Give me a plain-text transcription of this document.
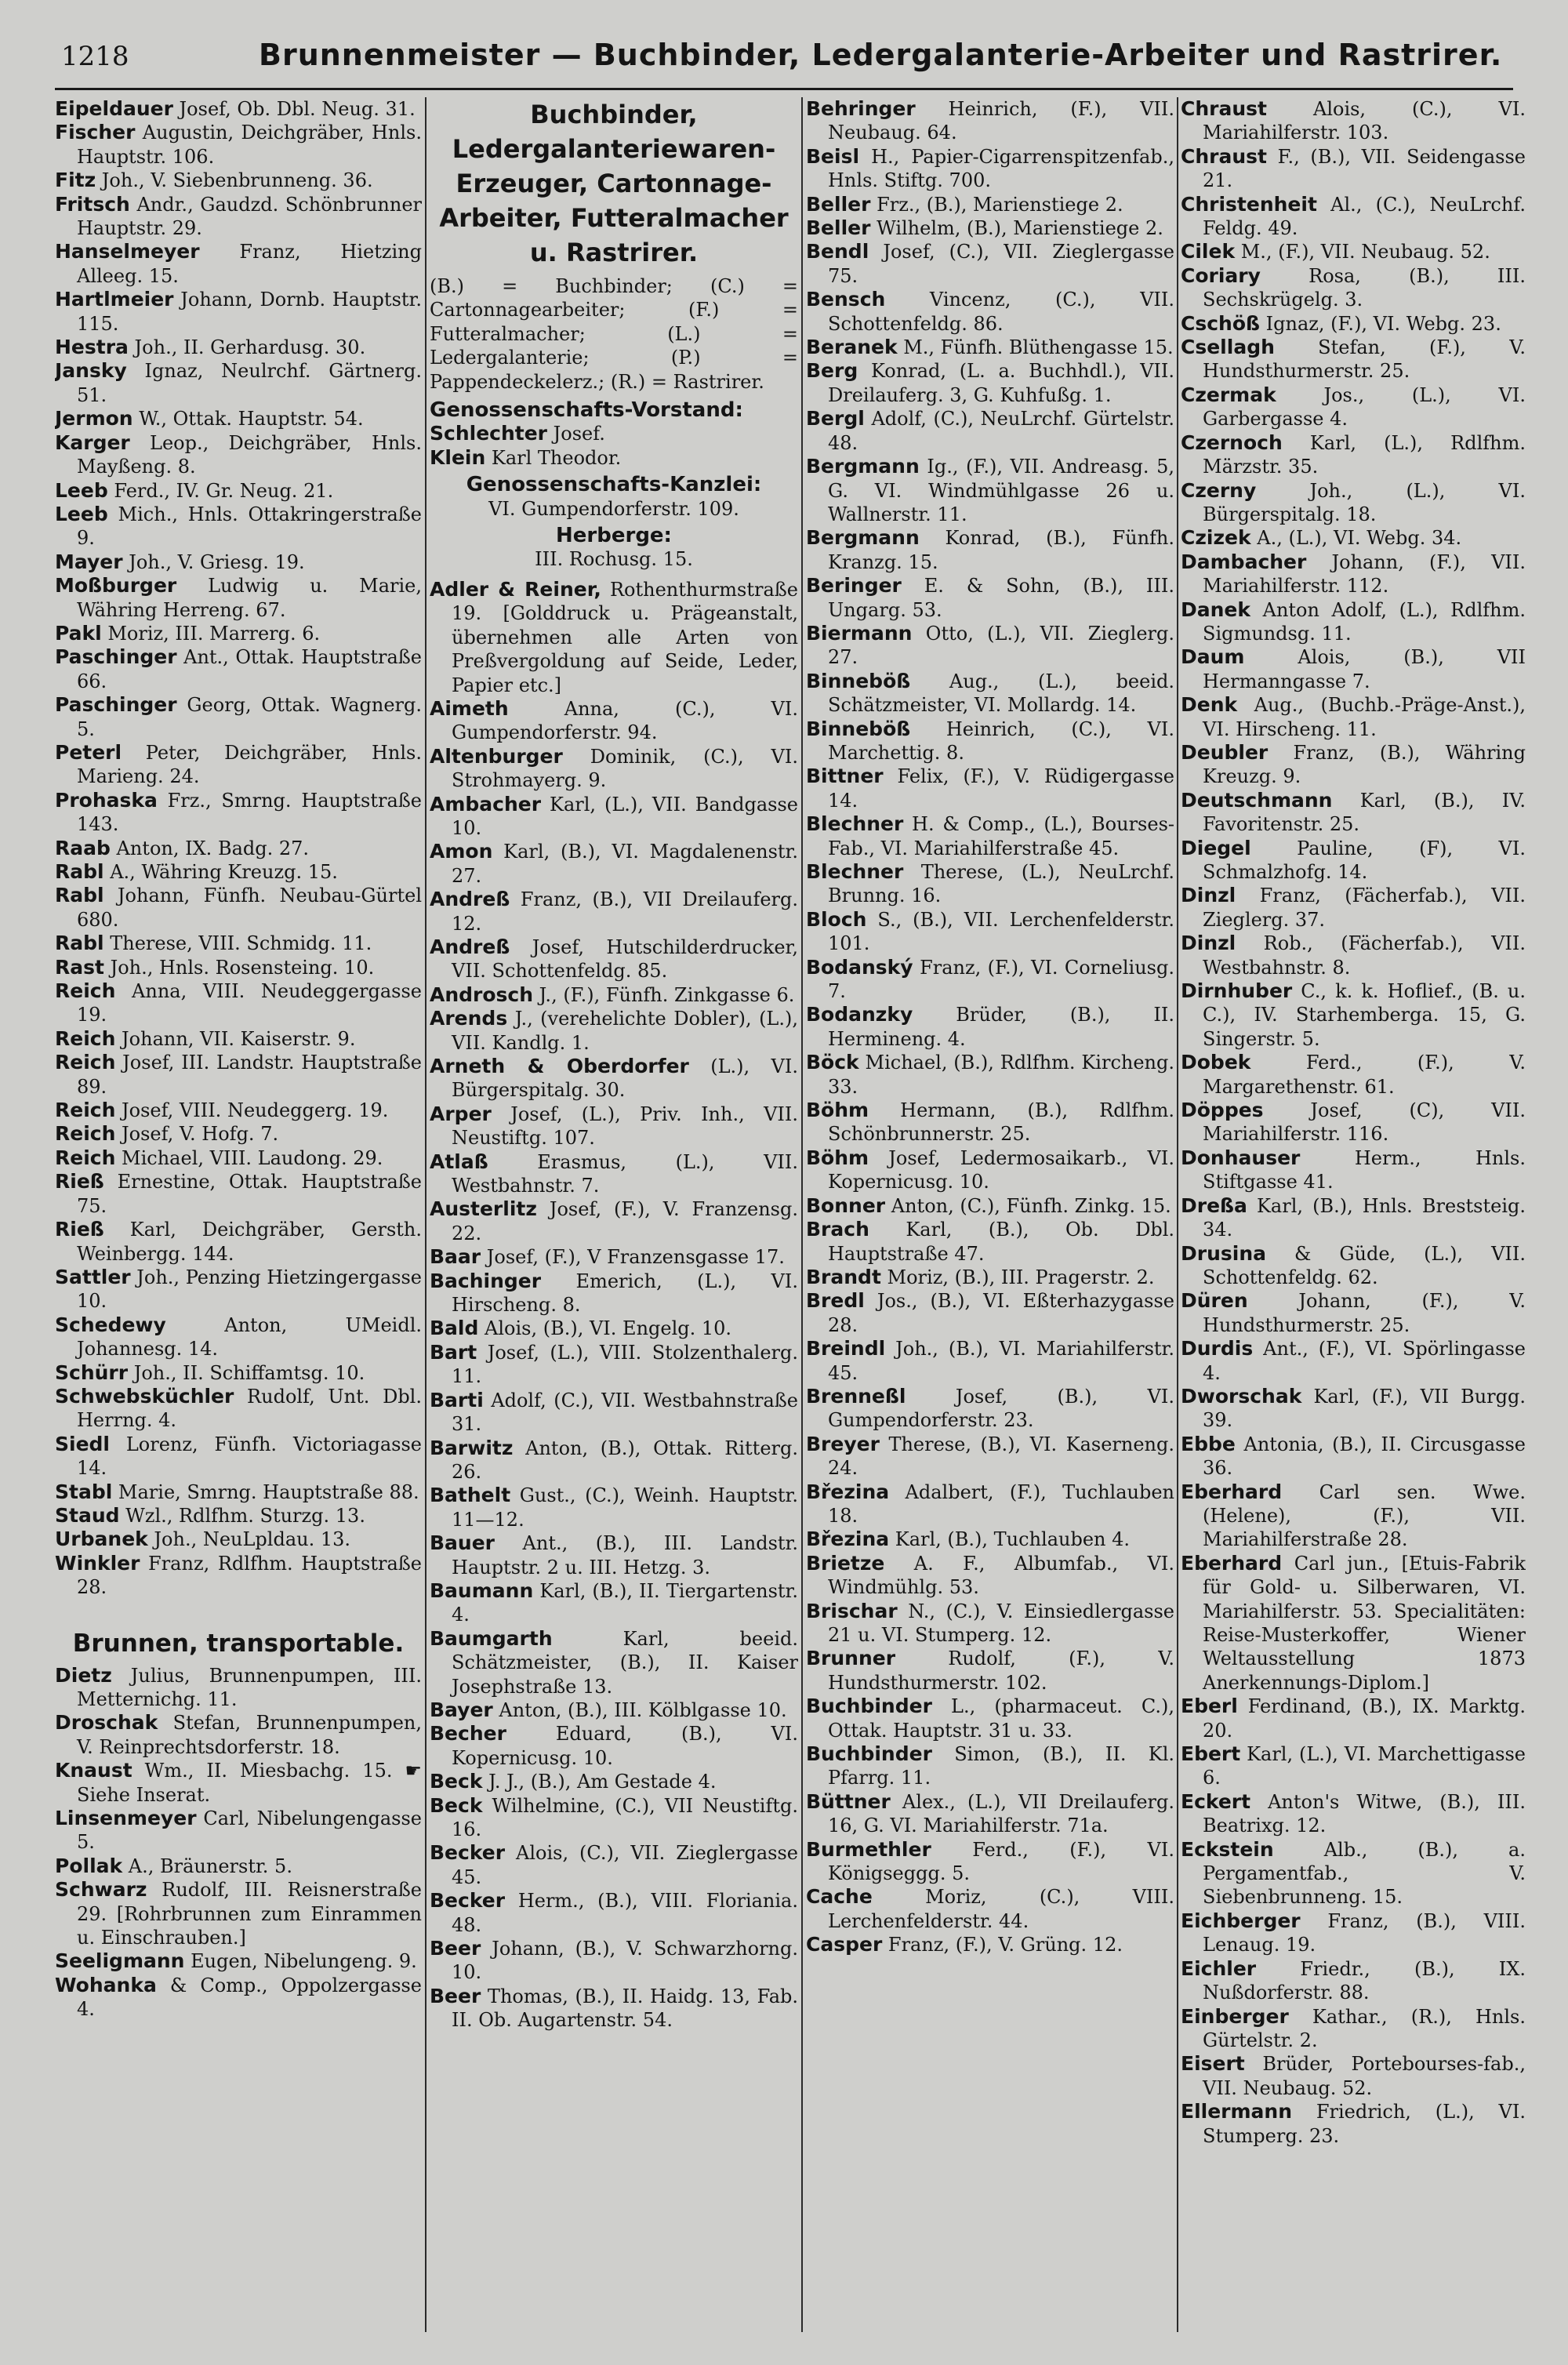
1218	Brunnenmeister — Buchbinder, Ledergalanterie-Arbeiter und Rastrirer.
Eipeldauer Josef, Ob. Dbl. Neug. 31.
Fischer Augustin, Deichgräber, Hnls. Hauptstr. 106.
Fitz Joh., V. Siebenbrunneng. 36.
Fritsch Andr., Gaudzd. Schönbrunner Hauptstr. 29.
Hanselmeyer Franz, Hietzing Alleeg. 15.
Hartlmeier Johann, Dornb. Hauptstr. 115.
Hestra Joh., II. Gerhardusg. 30.
Jansky Ignaz, Neulrchf. Gärtnerg. 51.
Jermon W., Ottak. Hauptstr. 54.
Karger Leop., Deichgräber, Hnls. Mayßeng. 8.
Leeb Ferd., IV. Gr. Neug. 21.
Leeb Mich., Hnls. Ottakringerstraße 9.
Mayer Joh., V. Griesg. 19.
Moßburger Ludwig u. Marie, Währing Herreng. 67.
Pakl Moriz, III. Marrerg. 6.
Paschinger Ant., Ottak. Hauptstraße 66.
Paschinger Georg, Ottak. Wagnerg. 5.
Peterl Peter, Deichgräber, Hnls. Marieng. 24.
Prohaska Frz., Smrng. Hauptstraße 143.
Raab Anton, IX. Badg. 27.
Rabl A., Währing Kreuzg. 15.
Rabl Johann, Fünfh. Neubau-Gürtel 680.
Rabl Therese, VIII. Schmidg. 11.
Rast Joh., Hnls. Rosensteing. 10.
Reich Anna, VIII. Neudeggergasse 19.
Reich Johann, VII. Kaiserstr. 9.
Reich Josef, III. Landstr. Hauptstraße 89.
Reich Josef, VIII. Neudeggerg. 19.
Reich Josef, V. Hofg. 7.
Reich Michael, VIII. Laudong. 29.
Rieß Ernestine, Ottak. Hauptstraße 75.
Rieß Karl, Deichgräber, Gersth. Weinbergg. 144.
Sattler Joh., Penzing Hietzingergasse 10.
Schedewy Anton, UMeidl. Johannesg. 14.
Schürr Joh., II. Schiffamtsg. 10.
Schwebsküchler Rudolf, Unt. Dbl. Herrng. 4.
Siedl Lorenz, Fünfh. Victoriagasse 14.
Stabl Marie, Smrng. Hauptstraße 88.
Staud Wzl., Rdlfhm. Sturzg. 13.
Urbanek Joh., NeuLpldau. 13.
Winkler Franz, Rdlfhm. Hauptstraße 28.
Brunnen, transportable.
Dietz Julius, Brunnenpumpen, III. Metternichg. 11.
Droschak Stefan, Brunnenpumpen, V. Reinprechtsdorferstr. 18.
Knaust Wm., II. Miesbachg. 15. ☛ Siehe Inserat.
Linsenmeyer Carl, Nibelungengasse 5.
Pollak A., Bräunerstr. 5.
Schwarz Rudolf, III. Reisnerstraße 29. [Rohrbrunnen zum Einrammen u. Einschrauben.]
Seeligmann Eugen, Nibelungeng. 9.
Wohanka & Comp., Oppolzergasse 4.
Buchbinder, Ledergalanteriewaren-Erzeuger, Cartonnage-Arbeiter, Futteralmacher u. Rastrirer.
(B.) = Buchbinder; (C.) = Cartonnagearbeiter; (F.) = Futteralmacher; (L.) = Ledergalanterie; (P.) = Pappendeckelerz.; (R.) = Rastrirer.
Genossenschafts-Vorstand:
Schlechter Josef.
Klein Karl Theodor.
Genossenschafts-Kanzlei:
VI. Gumpendorferstr. 109.
Herberge:
III. Rochusg. 15.
Adler & Reiner, Rothenthurmstraße 19. [Golddruck u. Prägeanstalt, übernehmen alle Arten von Preßvergoldung auf Seide, Leder, Papier etc.]
Aimeth Anna, (C.), VI. Gumpendorferstr. 94.
Altenburger Dominik, (C.), VI. Strohmayerg. 9.
Ambacher Karl, (L.), VII. Bandgasse 10.
Amon Karl, (B.), VI. Magdalenenstr. 27.
Andreß Franz, (B.), VII Dreilauferg. 12.
Andreß Josef, Hutschilderdrucker, VII. Schottenfeldg. 85.
Androsch J., (F.), Fünfh. Zinkgasse 6.
Arends J., (verehelichte Dobler), (L.), VII. Kandlg. 1.
Arneth & Oberdorfer (L.), VI. Bürgerspitalg. 30.
Arper Josef, (L.), Priv. Inh., VII. Neustiftg. 107.
Atlaß Erasmus, (L.), VII. Westbahnstr. 7.
Austerlitz Josef, (F.), V. Franzensg. 22.
Baar Josef, (F.), V Franzensgasse 17.
Bachinger Emerich, (L.), VI. Hirscheng. 8.
Bald Alois, (B.), VI. Engelg. 10.
Bart Josef, (L.), VIII. Stolzenthalerg. 11.
Barti Adolf, (C.), VII. Westbahnstraße 31.
Barwitz Anton, (B.), Ottak. Ritterg. 26.
Bathelt Gust., (C.), Weinh. Hauptstr. 11—12.
Bauer Ant., (B.), III. Landstr. Hauptstr. 2 u. III. Hetzg. 3.
Baumann Karl, (B.), II. Tiergartenstr. 4.
Baumgarth Karl, beeid. Schätzmeister, (B.), II. Kaiser Josephstraße 13.
Bayer Anton, (B.), III. Kölblgasse 10.
Becher Eduard, (B.), VI. Kopernicusg. 10.
Beck J. J., (B.), Am Gestade 4.
Beck Wilhelmine, (C.), VII Neustiftg. 16.
Becker Alois, (C.), VII. Zieglergasse 45.
Becker Herm., (B.), VIII. Floriania. 48.
Beer Johann, (B.), V. Schwarzhorng. 10.
Beer Thomas, (B.), II. Haidg. 13, Fab. II. Ob. Augartenstr. 54.
Behringer Heinrich, (F.), VII. Neubaug. 64.
Beisl H., Papier-Cigarrenspitzenfab., Hnls. Stiftg. 700.
Beller Frz., (B.), Marienstiege 2.
Beller Wilhelm, (B.), Marienstiege 2.
Bendl Josef, (C.), VII. Zieglergasse 75.
Bensch Vincenz, (C.), VII. Schottenfeldg. 86.
Beranek M., Fünfh. Blüthengasse 15.
Berg Konrad, (L. a. Buchhdl.), VII. Dreilauferg. 3, G. Kuhfußg. 1.
Bergl Adolf, (C.), NeuLrchf. Gürtelstr. 48.
Bergmann Ig., (F.), VII. Andreasg. 5, G. VI. Windmühlgasse 26 u. Wallnerstr. 11.
Bergmann Konrad, (B.), Fünfh. Kranzg. 15.
Beringer E. & Sohn, (B.), III. Ungarg. 53.
Biermann Otto, (L.), VII. Zieglerg. 27.
Binneböß Aug., (L.), beeid. Schätzmeister, VI. Mollardg. 14.
Binneböß Heinrich, (C.), VI. Marchettig. 8.
Bittner Felix, (F.), V. Rüdigergasse 14.
Blechner H. & Comp., (L.), Bourses-Fab., VI. Mariahilferstraße 45.
Blechner Therese, (L.), NeuLrchf. Brunng. 16.
Bloch S., (B.), VII. Lerchenfelderstr. 101.
Bodanský Franz, (F.), VI. Corneliusg. 7.
Bodanzky Brüder, (B.), II. Hermineng. 4.
Böck Michael, (B.), Rdlfhm. Kircheng. 33.
Böhm Hermann, (B.), Rdlfhm. Schönbrunnerstr. 25.
Böhm Josef, Ledermosaikarb., VI. Kopernicusg. 10.
Bonner Anton, (C.), Fünfh. Zinkg. 15.
Brach Karl, (B.), Ob. Dbl. Hauptstraße 47.
Brandt Moriz, (B.), III. Pragerstr. 2.
Bredl Jos., (B.), VI. Eßterhazygasse 28.
Breindl Joh., (B.), VI. Mariahilferstr. 45.
Brenneßl Josef, (B.), VI. Gumpendorferstr. 23.
Breyer Therese, (B.), VI. Kaserneng. 24.
Březina Adalbert, (F.), Tuchlauben 18.
Březina Karl, (B.), Tuchlauben 4.
Brietze A. F., Albumfab., VI. Windmühlg. 53.
Brischar N., (C.), V. Einsiedlergasse 21 u. VI. Stumperg. 12.
Brunner Rudolf, (F.), V. Hundsthurmerstr. 102.
Buchbinder L., (pharmaceut. C.), Ottak. Hauptstr. 31 u. 33.
Buchbinder Simon, (B.), II. Kl. Pfarrg. 11.
Büttner Alex., (L.), VII Dreilauferg. 16, G. VI. Mariahilferstr. 71a.
Burmethler Ferd., (F.), VI. Königseggg. 5.
Cache Moriz, (C.), VIII. Lerchenfelderstr. 44.
Casper Franz, (F.), V. Grüng. 12.
Chraust Alois, (C.), VI. Mariahilferstr. 103.
Chraust F., (B.), VII. Seidengasse 21.
Christenheit Al., (C.), NeuLrchf. Feldg. 49.
Cilek M., (F.), VII. Neubaug. 52.
Coriary Rosa, (B.), III. Sechskrügelg. 3.
Cschöß Ignaz, (F.), VI. Webg. 23.
Csellagh Stefan, (F.), V. Hundsthurmerstr. 25.
Czermak Jos., (L.), VI. Garbergasse 4.
Czernoch Karl, (L.), Rdlfhm. Märzstr. 35.
Czerny Joh., (L.), VI. Bürgerspitalg. 18.
Czizek A., (L.), VI. Webg. 34.
Dambacher Johann, (F.), VII. Mariahilferstr. 112.
Danek Anton Adolf, (L.), Rdlfhm. Sigmundsg. 11.
Daum Alois, (B.), VII Hermanngasse 7.
Denk Aug., (Buchb.-Präge-Anst.), VI. Hirscheng. 11.
Deubler Franz, (B.), Währing Kreuzg. 9.
Deutschmann Karl, (B.), IV. Favoritenstr. 25.
Diegel Pauline, (F), VI. Schmalzhofg. 14.
Dinzl Franz, (Fächerfab.), VII. Zieglerg. 37.
Dinzl Rob., (Fächerfab.), VII. Westbahnstr. 8.
Dirnhuber C., k. k. Hoflief., (B. u. C.), IV. Starhemberga. 15, G. Singerstr. 5.
Dobek Ferd., (F.), V. Margarethenstr. 61.
Döppes Josef, (C), VII. Mariahilferstr. 116.
Donhauser Herm., Hnls. Stiftgasse 41.
Dreßa Karl, (B.), Hnls. Breststeig. 34.
Drusina & Güde, (L.), VII. Schottenfeldg. 62.
Düren Johann, (F.), V. Hundsthurmerstr. 25.
Durdis Ant., (F.), VI. Spörlingasse 4.
Dworschak Karl, (F.), VII Burgg. 39.
Ebbe Antonia, (B.), II. Circusgasse 36.
Eberhard Carl sen. Wwe. (Helene), (F.), VII. Mariahilferstraße 28.
Eberhard Carl jun., [Etuis-Fabrik für Gold- u. Silberwaren, VI. Mariahilferstr. 53. Specialitäten: Reise-Musterkoffer, Wiener Weltausstellung 1873 Anerkennungs-Diplom.]
Eberl Ferdinand, (B.), IX. Marktg. 20.
Ebert Karl, (L.), VI. Marchettigasse 6.
Eckert Anton's Witwe, (B.), III. Beatrixg. 12.
Eckstein Alb., (B.), a. Pergamentfab., V. Siebenbrunneng. 15.
Eichberger Franz, (B.), VIII. Lenaug. 19.
Eichler Friedr., (B.), IX. Nußdorferstr. 88.
Einberger Kathar., (R.), Hnls. Gürtelstr. 2.
Eisert Brüder, Portebourses-fab., VII. Neubaug. 52.
Ellermann Friedrich, (L.), VI. Stumperg. 23.
